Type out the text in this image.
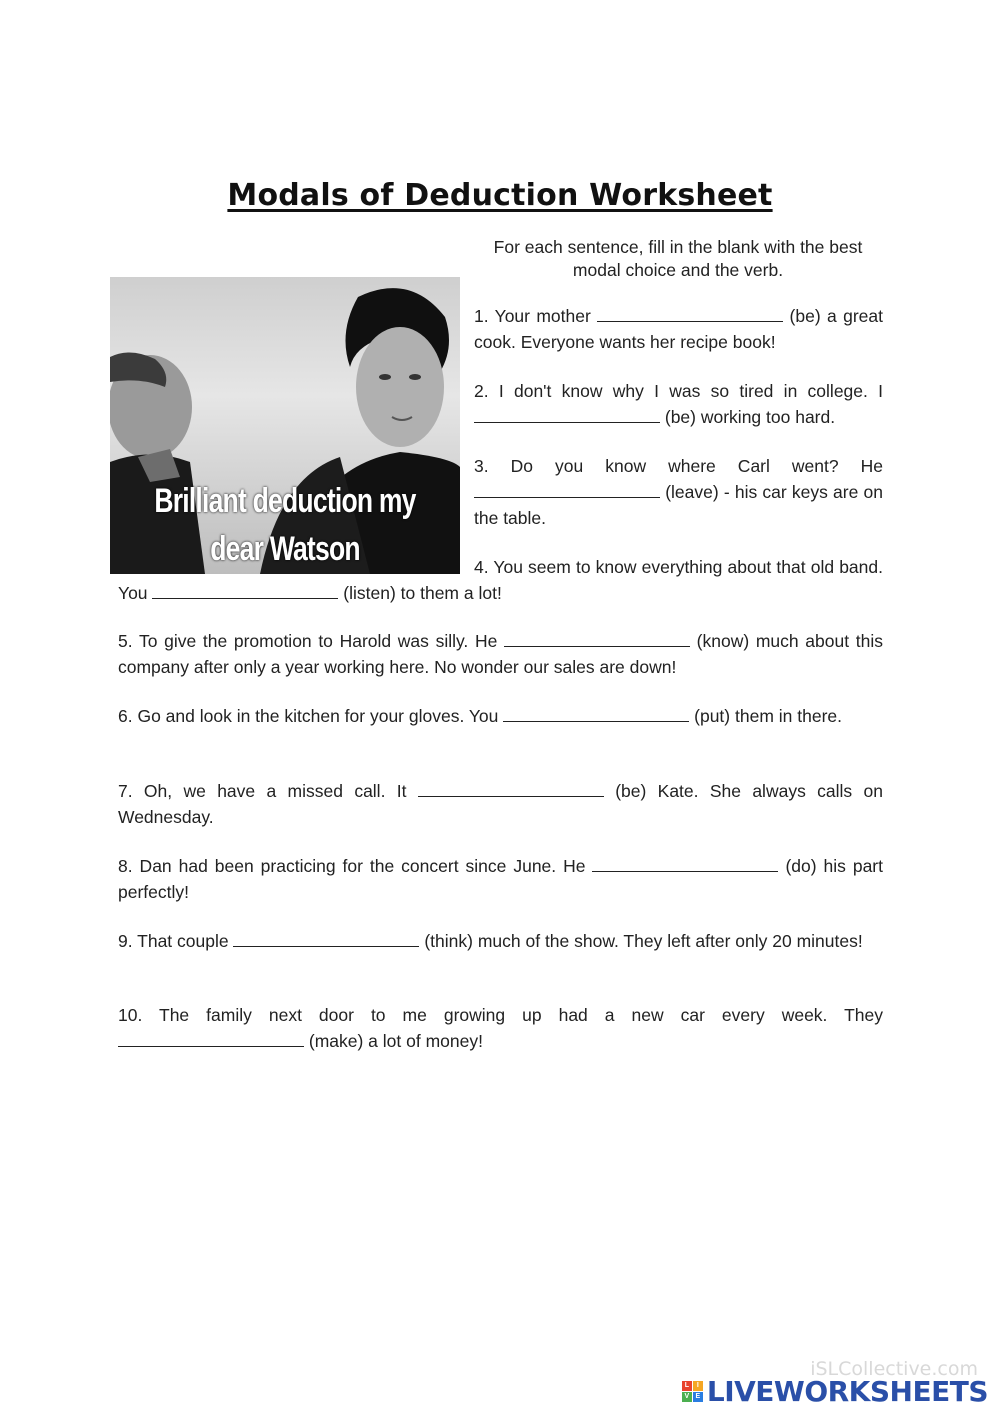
Modals of Deduction Worksheet
For each sentence, fill in the blank with the best modal choice and the verb.
Brilliant deduction my
dear Watson
1. Your mother	(be) a great cook. Everyone wants her recipe book!
2. I don't know why I was so tired in college. I  (be) working too hard.
3. Do you know where Carl went? He  (leave) - his car keys are on the table.
4. You seem to know everything about that old band. You	(listen) to them a lot!
5. To give the promotion to Harold was silly. He	(know) much about this company after only a year working here. No wonder our sales are down!
6. Go and look in the kitchen for your gloves. You	(put) them in there.
7. Oh, we have a missed call. It	(be) Kate. She always calls on Wednesday.
8. Dan had been practicing for the concert since June. He	(do) his part perfectly!
9. That couple	(think) much of the show. They left after only 20 minutes!
10. The family next door to me growing up had a new car every week. They  (make) a lot of money!
iSLCollective.com
L	I
V E LIVEWORKSHEETS
